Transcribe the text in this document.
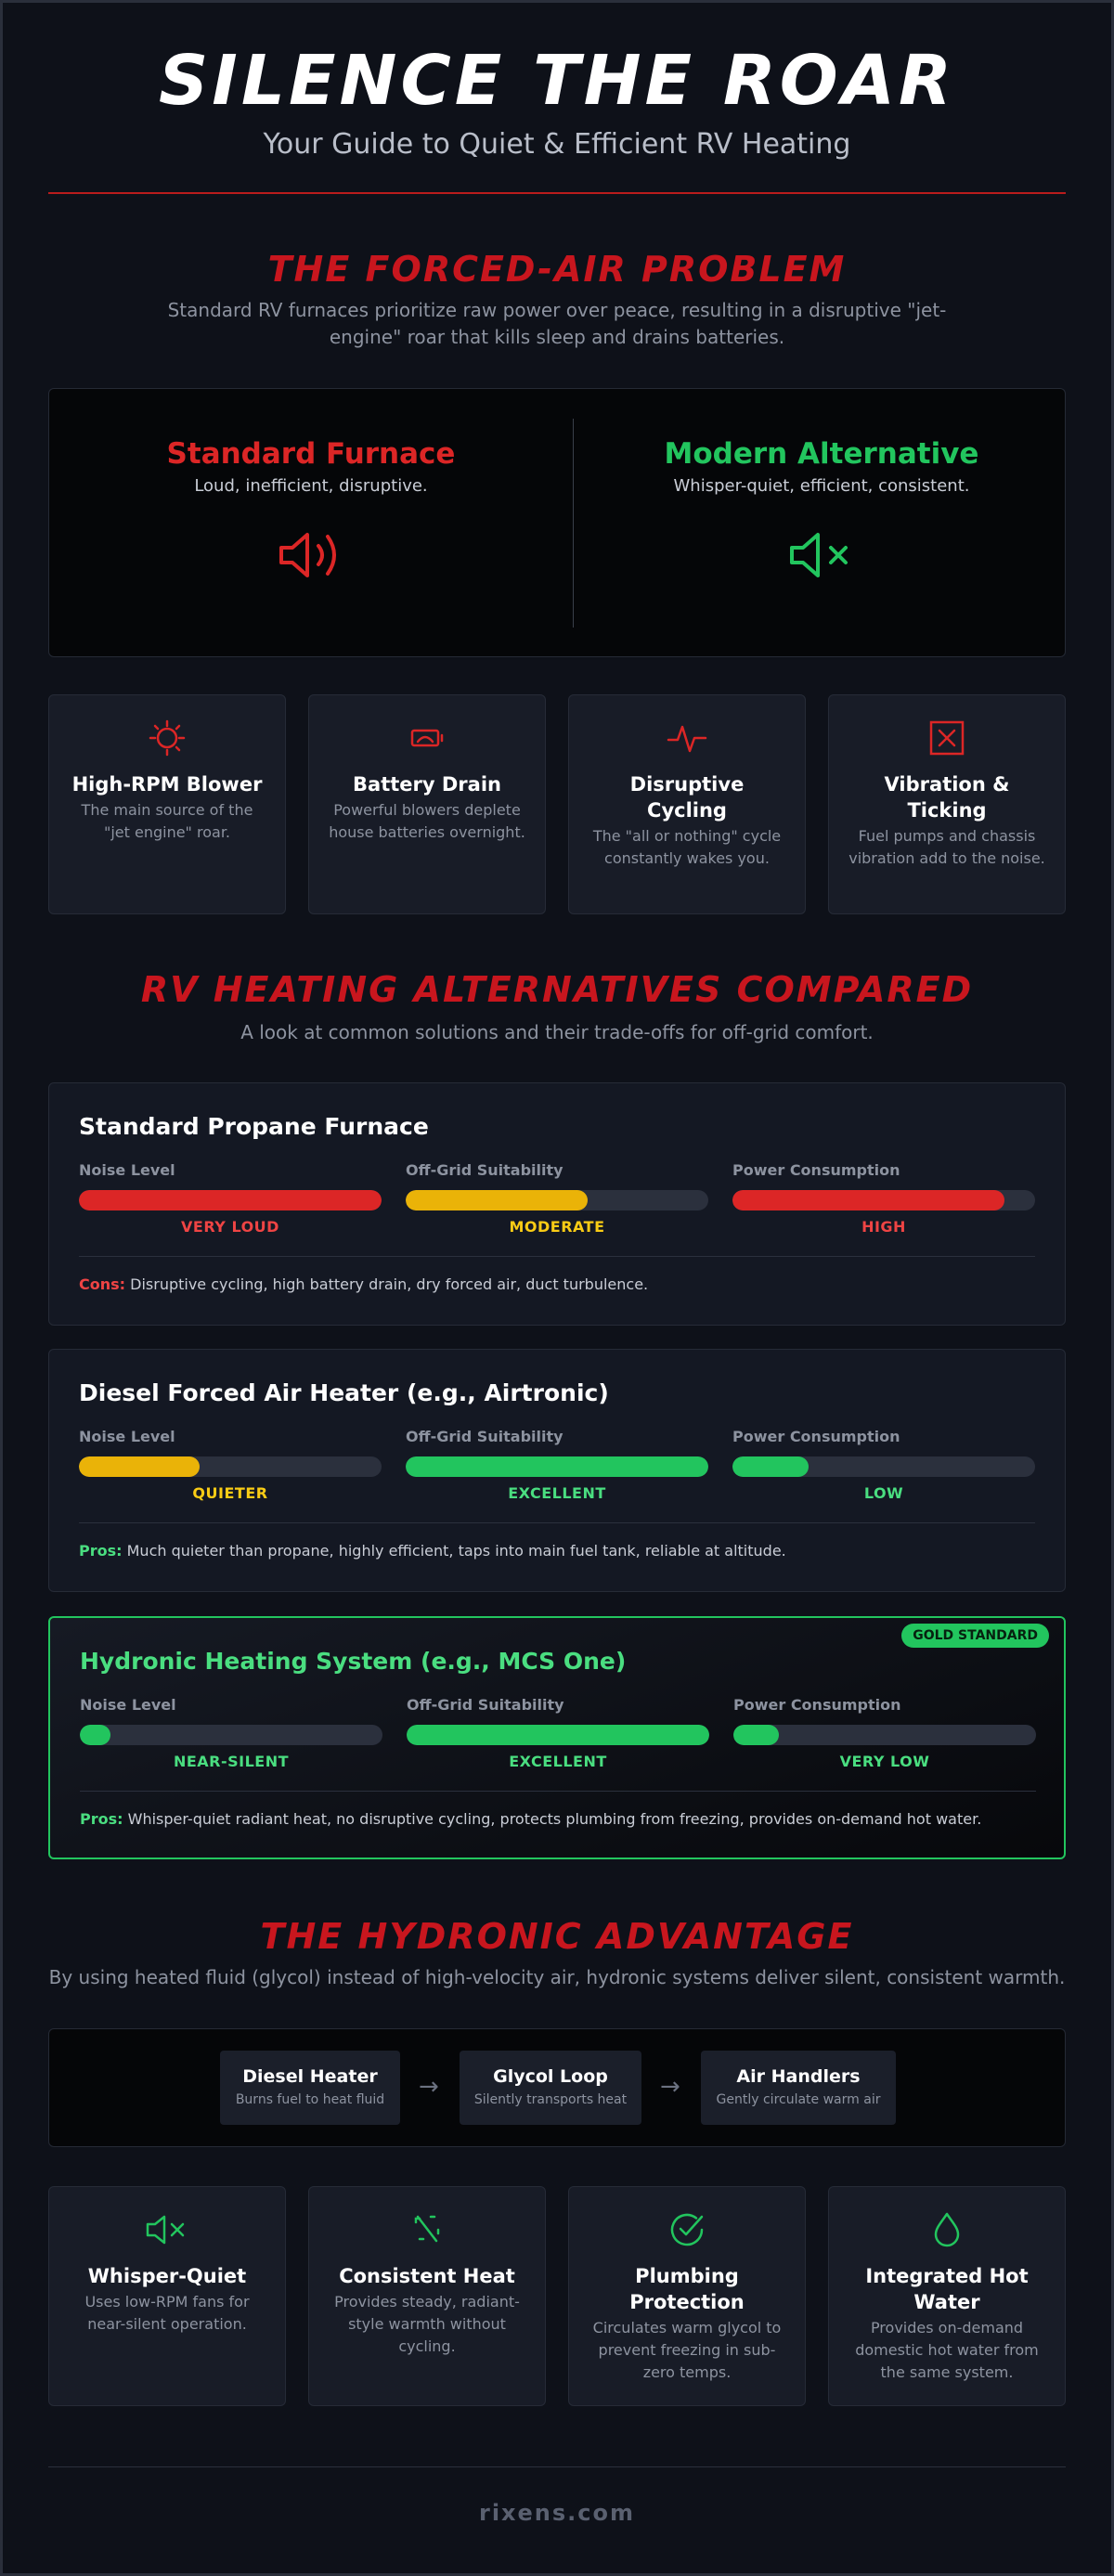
SILENCE THE ROAR
Your Guide to Quiet & Efficient RV Heating
THE FORCED-AIR PROBLEM
Standard RV furnaces prioritize raw power over peace, resulting in a disruptive "jet-engine" roar that kills sleep and drains batteries.
Standard Furnace

Loud, inefficient, disruptive.

Modern Alternative

Whisper-quiet, efficient, consistent.

High-RPM Blower

The main source of the "jet engine" roar.

Battery Drain

Powerful blowers deplete house batteries overnight.

Disruptive Cycling

The "all or nothing" cycle constantly wakes you.

Vibration & Ticking

Fuel pumps and chassis vibration add to the noise.

RV HEATING ALTERNATIVES COMPARED
A look at common solutions and their trade-offs for off-grid comfort.
Standard Propane Furnace
Noise Level
VERY LOUD
Off-Grid Suitability
MODERATE
Power Consumption
HIGH
Cons: Disruptive cycling, high battery drain, dry forced air, duct turbulence.
Diesel Forced Air Heater (e.g., Airtronic)
Noise Level
QUIETER
Off-Grid Suitability
EXCELLENT
Power Consumption
LOW
Pros: Much quieter than propane, highly efficient, taps into main fuel tank, reliable at altitude.
GOLD STANDARD
Hydronic Heating System (e.g., MCS One)
Noise Level
NEAR-SILENT
Off-Grid Suitability
EXCELLENT
Power Consumption
VERY LOW
Pros: Whisper-quiet radiant heat, no disruptive cycling, protects plumbing from freezing, provides on-demand hot water.
THE HYDRONIC ADVANTAGE
By using heated fluid (glycol) instead of high-velocity air, hydronic systems deliver silent, consistent warmth.
Diesel Heater
Burns fuel to heat fluid	→	Glycol Loop
Silently transports heat	→	Air Handlers
Gently circulate warm air
Whisper-Quiet

Uses low-RPM fans for near-silent operation.

Consistent Heat

Provides steady, radiant-style warmth without cycling.

Plumbing Protection

Circulates warm glycol to prevent freezing in sub-zero temps.

Integrated Hot Water

Provides on-demand domestic hot water from the same system.

rixens.com
